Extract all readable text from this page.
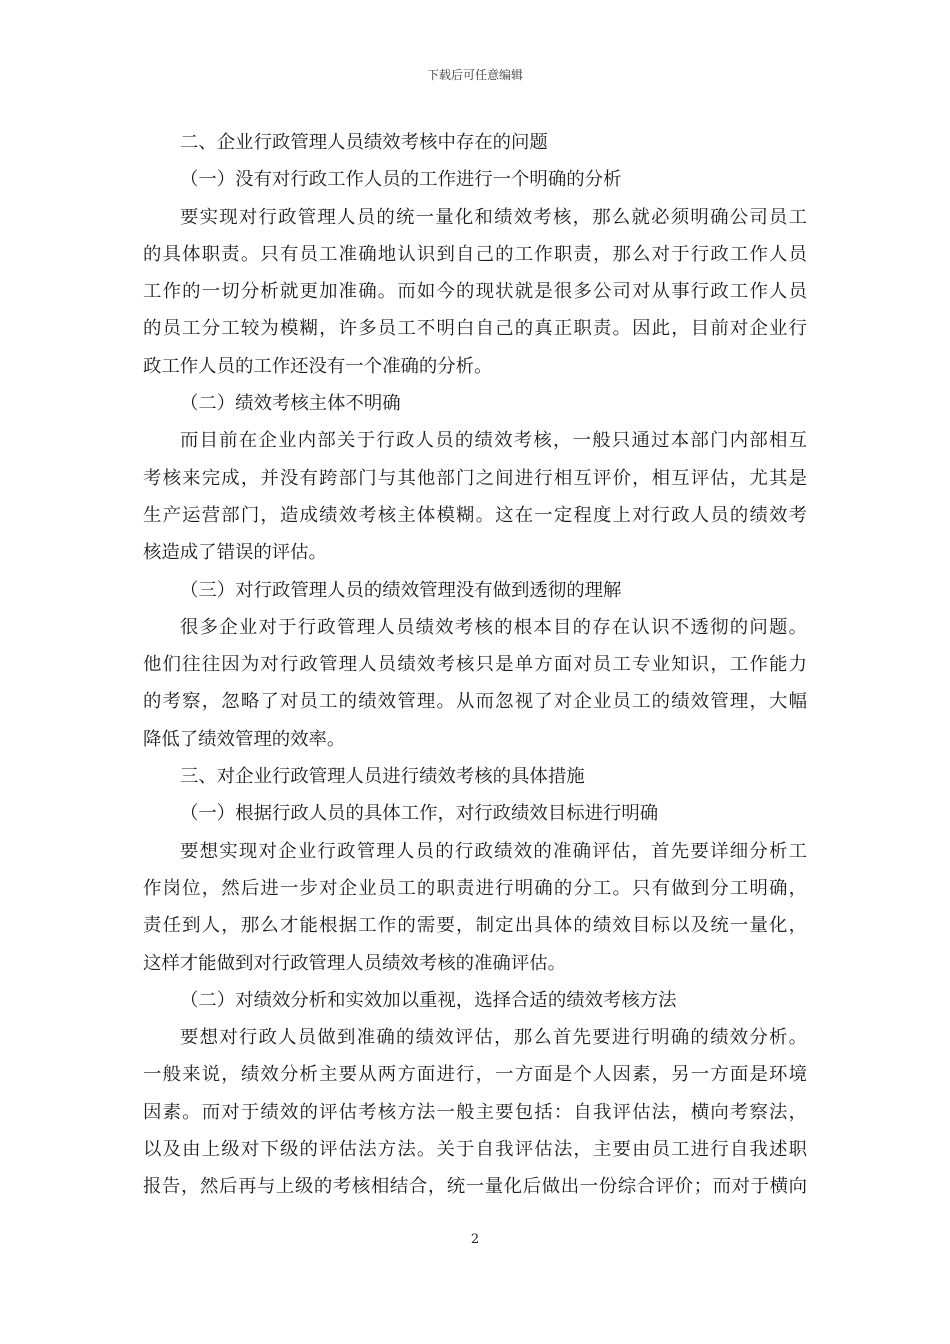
下载后可任意编辑
二、企业行政管理人员绩效考核中存在的问题
（一）没有对行政工作人员的工作进行一个明确的分析
要实现对行政管理人员的统一量化和绩效考核，那么就必须明确公司员工
的具体职责。只有员工准确地认识到自己的工作职责，那么对于行政工作人员
工作的一切分析就更加准确。而如今的现状就是很多公司对从事行政工作人员
的员工分工较为模糊，许多员工不明白自己的真正职责。因此，目前对企业行
政工作人员的工作还没有一个准确的分析。
（二）绩效考核主体不明确
而目前在企业内部关于行政人员的绩效考核，一般只通过本部门内部相互
考核来完成，并没有跨部门与其他部门之间进行相互评价，相互评估，尤其是
生产运营部门，造成绩效考核主体模糊。这在一定程度上对行政人员的绩效考
核造成了错误的评估。
（三）对行政管理人员的绩效管理没有做到透彻的理解
很多企业对于行政管理人员绩效考核的根本目的存在认识不透彻的问题。
他们往往因为对行政管理人员绩效考核只是单方面对员工专业知识，工作能力
的考察，忽略了对员工的绩效管理。从而忽视了对企业员工的绩效管理，大幅
降低了绩效管理的效率。
三、对企业行政管理人员进行绩效考核的具体措施
（一）根据行政人员的具体工作，对行政绩效目标进行明确
要想实现对企业行政管理人员的行政绩效的准确评估，首先要详细分析工
作岗位，然后进一步对企业员工的职责进行明确的分工。只有做到分工明确，
责任到人，那么才能根据工作的需要，制定出具体的绩效目标以及统一量化，
这样才能做到对行政管理人员绩效考核的准确评估。
（二）对绩效分析和实效加以重视，选择合适的绩效考核方法
要想对行政人员做到准确的绩效评估，那么首先要进行明确的绩效分析。
一般来说，绩效分析主要从两方面进行，一方面是个人因素，另一方面是环境
因素。而对于绩效的评估考核方法一般主要包括：自我评估法，横向考察法，
以及由上级对下级的评估法方法。关于自我评估法，主要由员工进行自我述职
报告，然后再与上级的考核相结合，统一量化后做出一份综合评价；而对于横向
2
